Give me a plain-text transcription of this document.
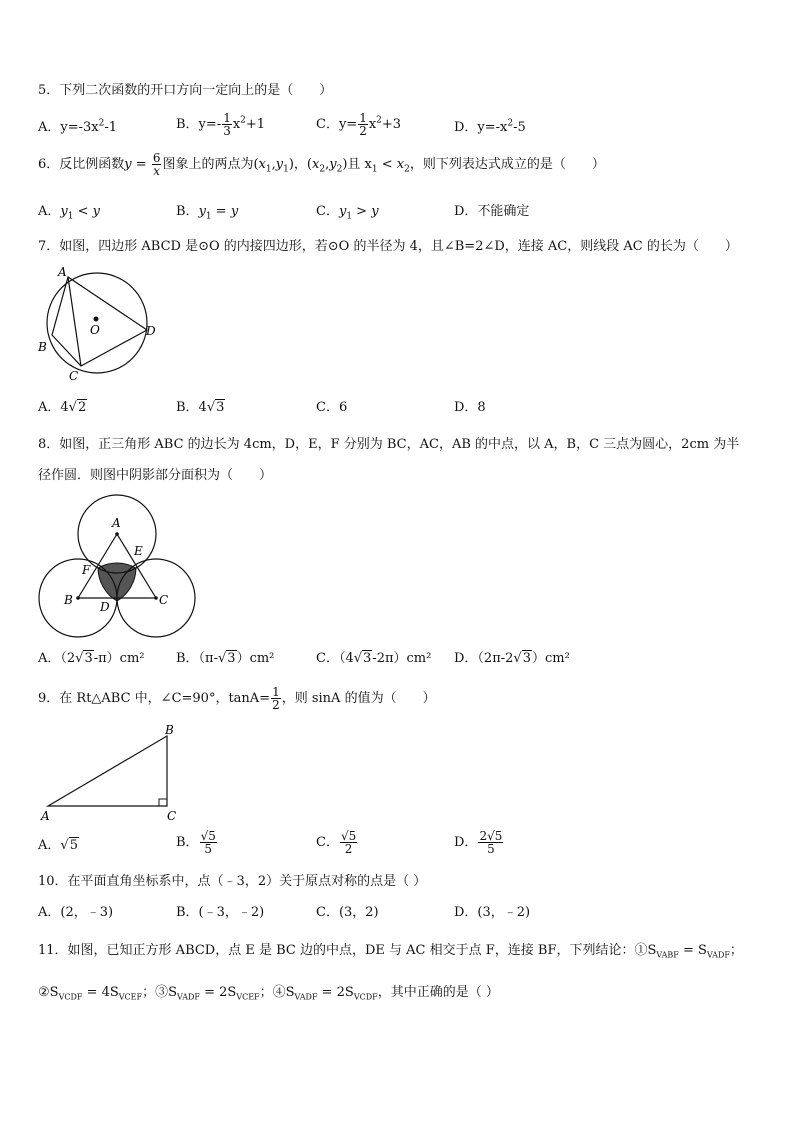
5．下列二次函数的开口方向一定向上的是（　　）
A．$y=-3x^2-1$	B．$y=- \frac{1}{3} x^2+1$	C．$y= \frac{1}{2} x^2+3$	D．$y=-x^2-5$
6．反比例函数$y = \frac{6}{x}$ 图象上的两点为$(x_1,y_1)$，$(x_2,y_2)$且 $x_1 < x_2$，则下列表达式成立的是（　　）
A．$y_1 < y$	B．$y_1 = y$	C．$y_1 > y$	D．不能确定
7．如图，四边形 ABCD 是⊙O 的内接四边形，若⊙O 的半径为 4，且∠B=2∠D，连接 AC，则线段 AC 的长为（　　）
A
B
C
D
O
A．4√2	B．4√3	C．6	D．8
8．如图，正三角形 ABC 的边长为 4cm，D，E，F 分别为 BC，AC，AB 的中点，以 A，B，C 三点为圆心，2cm 为半
径作圆．则图中阴影部分面积为（　　）
A
B	C
D
E
F
A．（2√3-π）cm² B．（π-√3）cm²	C．（4√3-2π）cm² D．（2π-2√3）cm²
9．在 Rt△ABC 中，∠C=90°，$\tan A= \frac{1}{2}$ ，则 sinA 的值为（　　）
A
B
C
A．√5	B． $\frac{√5}{5}$	C． $\frac{√5}{2}$	D． $\frac{2√5}{5}$
10．在平面直角坐标系中，点（﹣3，2）关于原点对称的点是（ ）
A．(2，﹣3)	B．(﹣3，﹣2)	C．(3，2)	D．(3，﹣2)
11．如图，已知正方形 ABCD，点 E 是 BC 边的中点，DE 与 AC 相交于点 F，连接 BF，下列结论：$①S_{VABF} = S_{VADF}$；
$②S_{VCDF} = 4S_{VCEF}$；$③S_{VADF} = 2S_{VCEF}$；$④S_{VADF} = 2S_{VCDF}$，其中正确的是（ ）
